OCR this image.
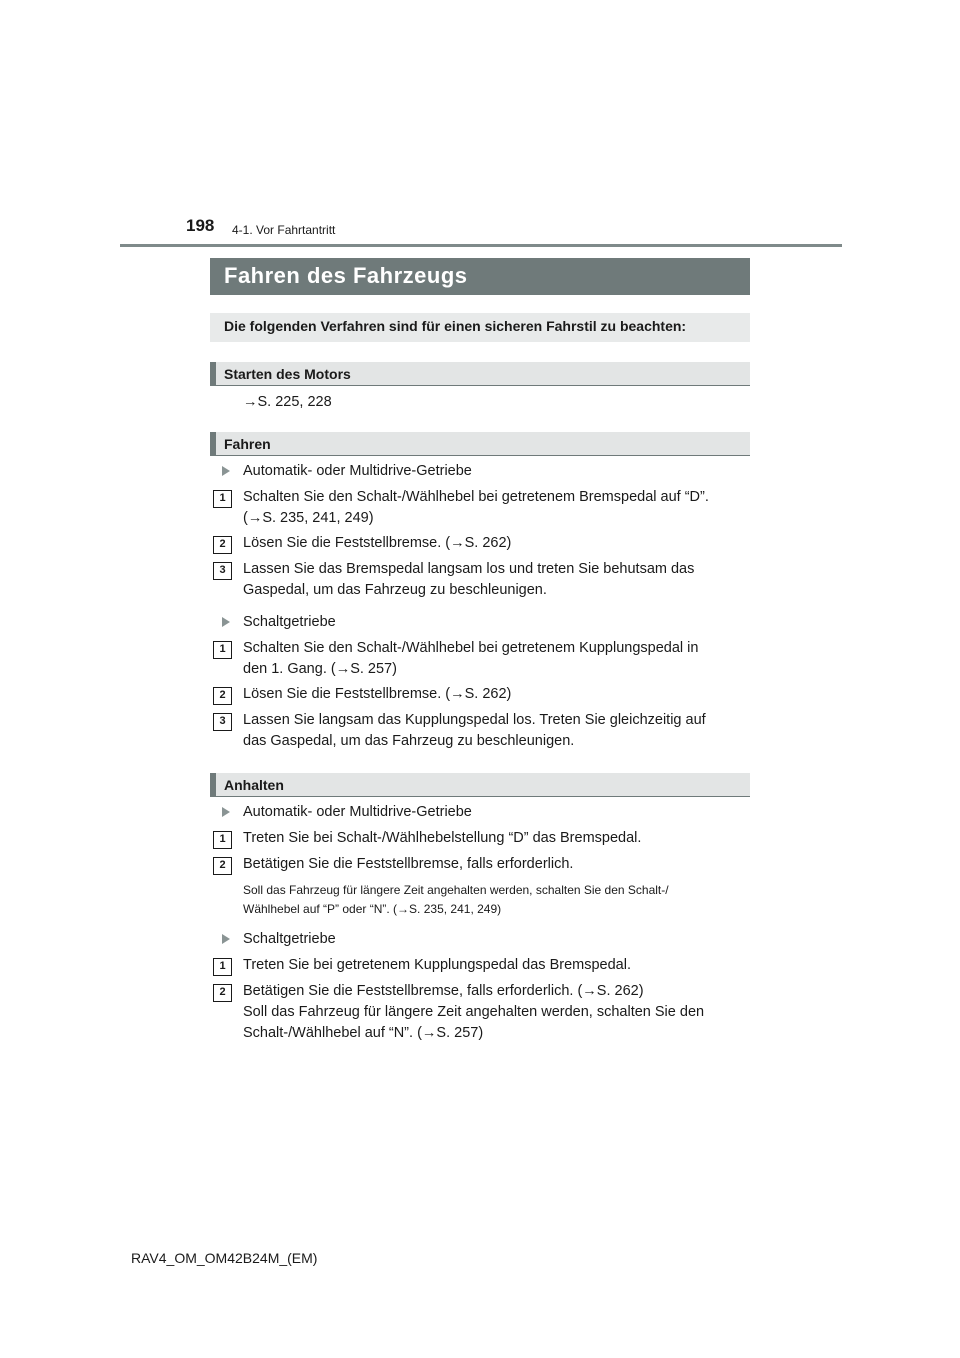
198 4-1. Vor Fahrtantritt
Fahren des Fahrzeugs
Die folgenden Verfahren sind für einen sicheren Fahrstil zu beachten:
Starten des Motors
→S. 225, 228
Fahren
Automatik- oder Multidrive-Getriebe
1	Schalten Sie den Schalt-/Wählhebel bei getretenem Bremspedal auf “D”.
(→S. 235, 241, 249)
2	Lösen Sie die Feststellbremse. (→S. 262)
3	Lassen Sie das Bremspedal langsam los und treten Sie behutsam das
Gaspedal, um das Fahrzeug zu beschleunigen.
Schaltgetriebe
1	Schalten Sie den Schalt-/Wählhebel bei getretenem Kupplungspedal in
den 1. Gang. (→S. 257)
2	Lösen Sie die Feststellbremse. (→S. 262)
3	Lassen Sie langsam das Kupplungspedal los. Treten Sie gleichzeitig auf
das Gaspedal, um das Fahrzeug zu beschleunigen.
Anhalten
Automatik- oder Multidrive-Getriebe
1	Treten Sie bei Schalt-/Wählhebelstellung “D” das Bremspedal.
2	Betätigen Sie die Feststellbremse, falls erforderlich.
Soll das Fahrzeug für längere Zeit angehalten werden, schalten Sie den Schalt-/
Wählhebel auf “P” oder “N”. (→S. 235, 241, 249)
Schaltgetriebe
1	Treten Sie bei getretenem Kupplungspedal das Bremspedal.
2	Betätigen Sie die Feststellbremse, falls erforderlich. (→S. 262)
Soll das Fahrzeug für längere Zeit angehalten werden, schalten Sie den
Schalt-/Wählhebel auf “N”. (→S. 257)
RAV4_OM_OM42B24M_(EM)
